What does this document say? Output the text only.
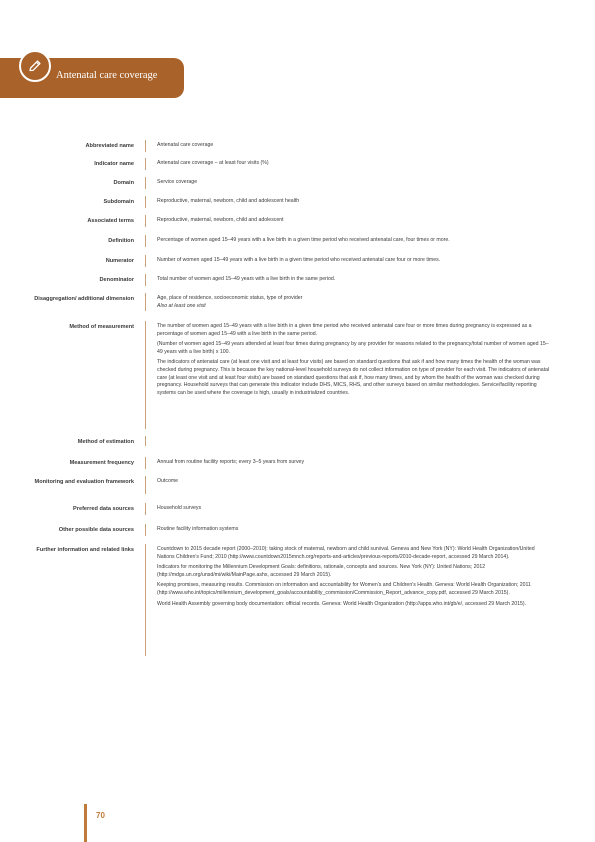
Antenatal care coverage
70
Abbreviated name	Antenatal care coverage

Indicator name	Antenatal care coverage – at least four visits (%)

Domain	Service coverage

Subdomain	Reproductive, maternal, newborn, child and adolescent health

Associated terms	Reproductive, maternal, newborn, child and adolescent

Definition	Percentage of women aged 15–49 years with a live birth in a given time period who received antenatal care, four times or more.

Numerator	Number of women aged 15–49 years with a live birth in a given time period who received antenatal care four or more times.

Denominator	Total number of women aged 15–49 years with a live birth in the same period.

Disaggregation/ additional dimension	Age, place of residence, socioeconomic status, type of provider

Also at least one visit

Method of measurement	The number of women aged 15–49 years with a live birth in a given time period who received antenatal care four or more times during pregnancy is expressed as a percentage of women aged 15–49 with a live birth in the same period.

(Number of women aged 15–49 years attended at least four times during pregnancy by any provider for reasons related to the pregnancy/total number of women aged 15–49 years with a live birth) x 100.

The indicators of antenatal care (at least one visit and at least four visits) are based on standard questions that ask if and how many times the health of the woman was checked during pregnancy. This is because the key national-level household surveys do not collect information on type of provider for each visit. The indicators of antenatal care (at least one visit and at least four visits) are based on standard questions that ask if, how many times, and by whom the health of the woman was checked during pregnancy. Household surveys that can generate this indicator include DHS, MICS, RHS, and other surveys based on similar methodologies. Service/facility reporting systems can be used where the coverage is high, usually in industrialized countries.

Method of estimation
Measurement frequency	Annual from routine facility reports; every 3–5 years from survey

Monitoring and evaluation framework	Outcome

Preferred data sources	Household surveys

Other possible data sources	Routine facility information systems

Further information and related links	Countdown to 2015 decade report (2000–2010): taking stock of maternal, newborn and child survival. Geneva and New York (NY): World Health Organization/United Nations Children's Fund; 2010 (http://www.countdown2015mnch.org/reports-and-articles/previous-reports/2010-decade-report, accessed 29 March 2014).

Indicators for monitoring the Millennium Development Goals: definitions, rationale, concepts and sources. New York (NY): United Nations; 2012 (http://mdgs.un.org/unsd/mi/wiki/MainPage.ashx, accessed 29 March 2015).

Keeping promises, measuring results. Commission on information and accountability for Women's and Children's Health. Geneva: World Health Organization; 2011 (http://www.who.int/topics/millennium_development_goals/accountability_commission/Commission_Report_advance_copy.pdf, accessed 29 March 2015).

World Health Assembly governing body documentation: official records. Geneva: World Health Organization (http://apps.who.int/gb/e/, accessed 29 March 2015).
